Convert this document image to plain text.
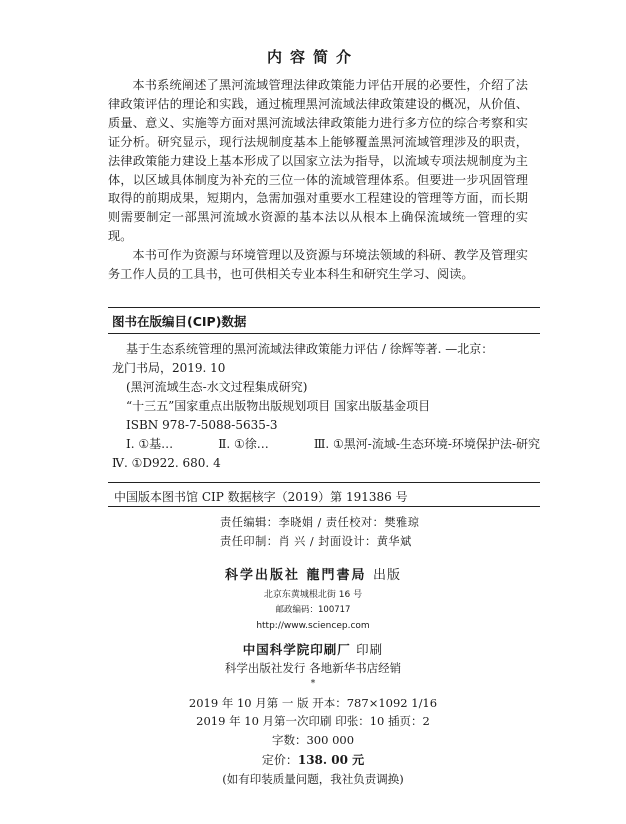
内容简介

本书系统阐述了黑河流域管理法律政策能力评估开展的必要性，介绍了法律政策评估的理论和实践，通过梳理黑河流域法律政策建设的概况，从价值、质量、意义、实施等方面对黑河流域法律政策能力进行多方位的综合考察和实证分析。研究显示，现行法规制度基本上能够覆盖黑河流域管理涉及的职责，法律政策能力建设上基本形成了以国家立法为指导，以流域专项法规制度为主体，以区域具体制度为补充的三位一体的流域管理体系。但要进一步巩固管理取得的前期成果，短期内，急需加强对重要水工程建设的管理等方面，而长期则需要制定一部黑河流域水资源的基本法以从根本上确保流域统一管理的实现。

本书可作为资源与环境管理以及资源与环境法领域的科研、教学及管理实务工作人员的工具书，也可供相关专业本科生和研究生学习、阅读。

图书在版编目(CIP)数据
基于生态系统管理的黑河流域法律政策能力评估 / 徐辉等著. —北京：
龙门书局，2019. 10
(黑河流域生态-水文过程集成研究)
“十三五”国家重点出版物出版规划项目 国家出版基金项目
ISBN 978-7-5088-5635-3
Ⅰ. ①基…	Ⅱ. ①徐…	Ⅲ. ①黑河-流域-生态环境-环境保护法-研究
Ⅳ. ①D922. 680. 4
中国版本图书馆 CIP 数据核字（2019）第 191386 号
责任编辑：李晓娟 / 责任校对：樊雅琼
责任印制：肖 兴 / 封面设计：黄华斌
科学出版社 龍門書局 出版
北京东黄城根北街 16 号
邮政编码：100717
http://www.sciencep.com
中国科学院印刷厂 印刷
科学出版社发行 各地新华书店经销
*
2019 年 10 月第 一 版 开本：787×1092 1/16
2019 年 10 月第一次印刷 印张：10 插页：2
字数：300 000
定价：138. 00 元
(如有印装质量问题，我社负责调换)
